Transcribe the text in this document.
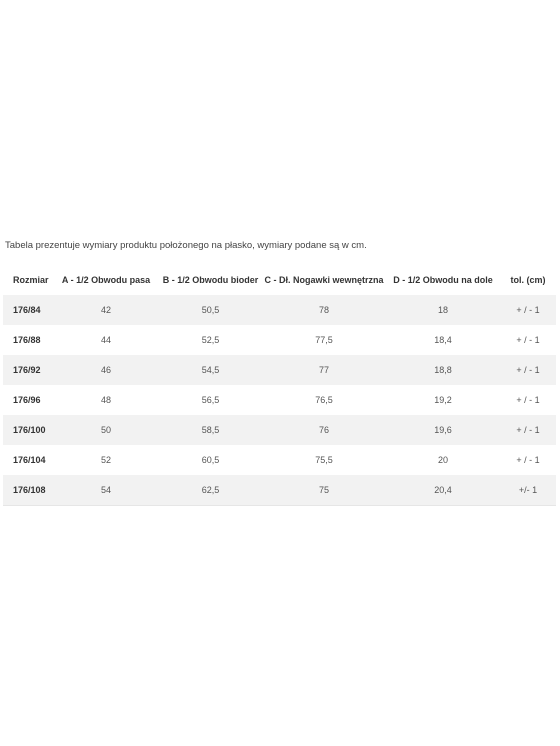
Tabela prezentuje wymiary produktu położonego na płasko, wymiary podane są w cm.
Rozmiar	A - 1/2 Obwodu pasa	B - 1/2 Obwodu bioder	C - Dł. Nogawki wewnętrzna	D - 1/2 Obwodu na dole	tol. (cm)
176/84	42	50,5	78	18	+ / - 1
176/88	44	52,5	77,5	18,4	+ / - 1
176/92	46	54,5	77	18,8	+ / - 1
176/96	48	56,5	76,5	19,2	+ / - 1
176/100	50	58,5	76	19,6	+ / - 1
176/104	52	60,5	75,5	20	+ / - 1
176/108	54	62,5	75	20,4	+/- 1
